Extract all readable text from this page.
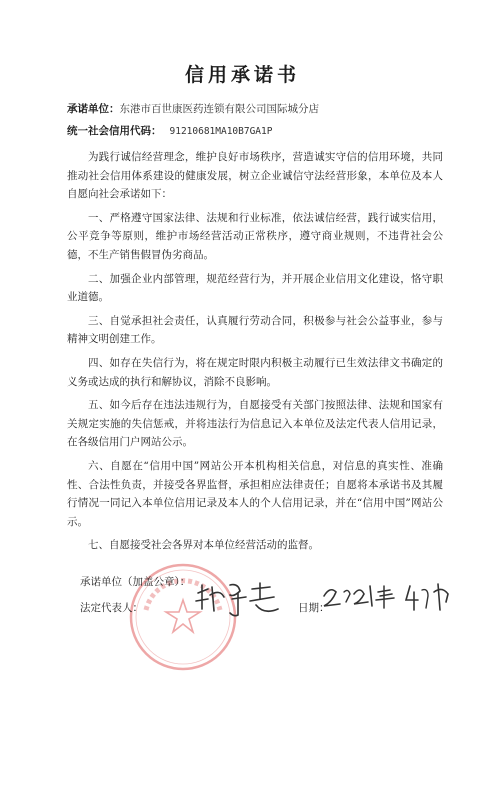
信用承诺书
承诺单位：东港市百世康医药连锁有限公司国际城分店
统一社会信用代码： 91210681MA10B7GA1P

为践行诚信经营理念，维护良好市场秩序，营造诚实守信的信用环境，共同推动社会信用体系建设的健康发展，树立企业诚信守法经营形象，本单位及本人自愿向社会承诺如下：

一、严格遵守国家法律、法规和行业标准，依法诚信经营，践行诚实信用，公平竞争等原则，维护市场经营活动正常秩序，遵守商业规则，不违背社会公德，不生产销售假冒伪劣商品。

二、加强企业内部管理，规范经营行为，并开展企业信用文化建设，恪守职业道德。

三、自觉承担社会责任，认真履行劳动合同，积极参与社会公益事业，参与精神文明创建工作。

四、如存在失信行为，将在规定时限内积极主动履行已生效法律文书确定的义务或达成的执行和解协议，消除不良影响。

五、如今后存在违法违规行为，自愿接受有关部门按照法律、法规和国家有关规定实施的失信惩戒，并将违法行为信息记入本单位及法定代表人信用记录，在各级信用门户网站公示。

六、自愿在“信用中国”网站公开本机构相关信息，对信息的真实性、准确性、合法性负责，并接受各界监督，承担相应法律责任；自愿将本承诺书及其履行情况一同记入本单位信用记录及本人的个人信用记录，并在“信用中国”网站公示。

七、自愿接受社会各界对本单位经营活动的监督。

承诺单位（加盖公章）：
法定代表人：	日期：
